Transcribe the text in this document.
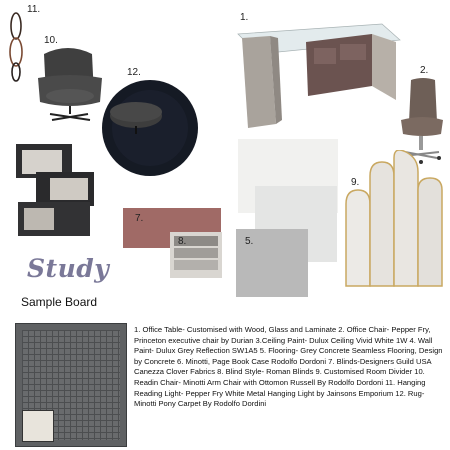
11.
10.
12.
1.
2.
5.
7.
8.
9.
Study
Sample Board
1. Office Table- Customised with Wood, Glass and Laminate 2. Office Chair- Pepper Fry, Princeton executive chair by Durian 3.Ceiling Paint- Dulux Ceiling Vivid White 1W 4. Wall Paint- Dulux Grey Reflection SW1A5 5. Flooring- Grey Concrete Seamless Flooring, Design by Concrete 6. Minotti, Page Book Case Rodolfo Dordoni 7. Blinds-Designers Guild USA Canezza Clover Fabrics 8. Blind Style- Roman Blinds 9. Customised Room Divider 10. Readin Chair- Minotti Arm Chair with Ottomon Russell By Rodolfo Dordoni 11. Hanging Reading Light- Pepper Fry White Metal Hanging Light by Jainsons Emporium 12. Rug- Minotti Pony Carpet By Rodolfo Dordini
